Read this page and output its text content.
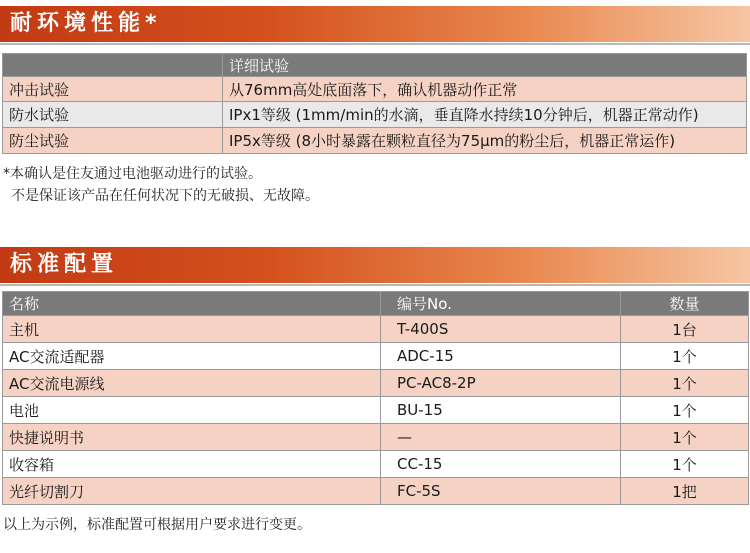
耐环境性能*
	详细试验
冲击试验	从76mm高处底面落下，确认机器动作正常
防水试验	IPx1等级 (1mm/min的水滴，垂直降水持续10分钟后，机器正常动作)
防尘试验	IP5x等级 (8小时暴露在颗粒直径为75μm的粉尘后，机器正常运作)
*本确认是住友通过电池驱动进行的试验。
不是保证该产品在任何状况下的无破损、无故障。
标准配置
名称	编号No.	数量
主机	T-400S	1台
AC交流适配器	ADC-15	1个
AC交流电源线	PC-AC8-2P	1个
电池	BU-15	1个
快捷说明书	—	1个
收容箱	CC-15	1个
光纤切割刀	FC-5S	1把
以上为示例，标准配置可根据用户要求进行变更。
